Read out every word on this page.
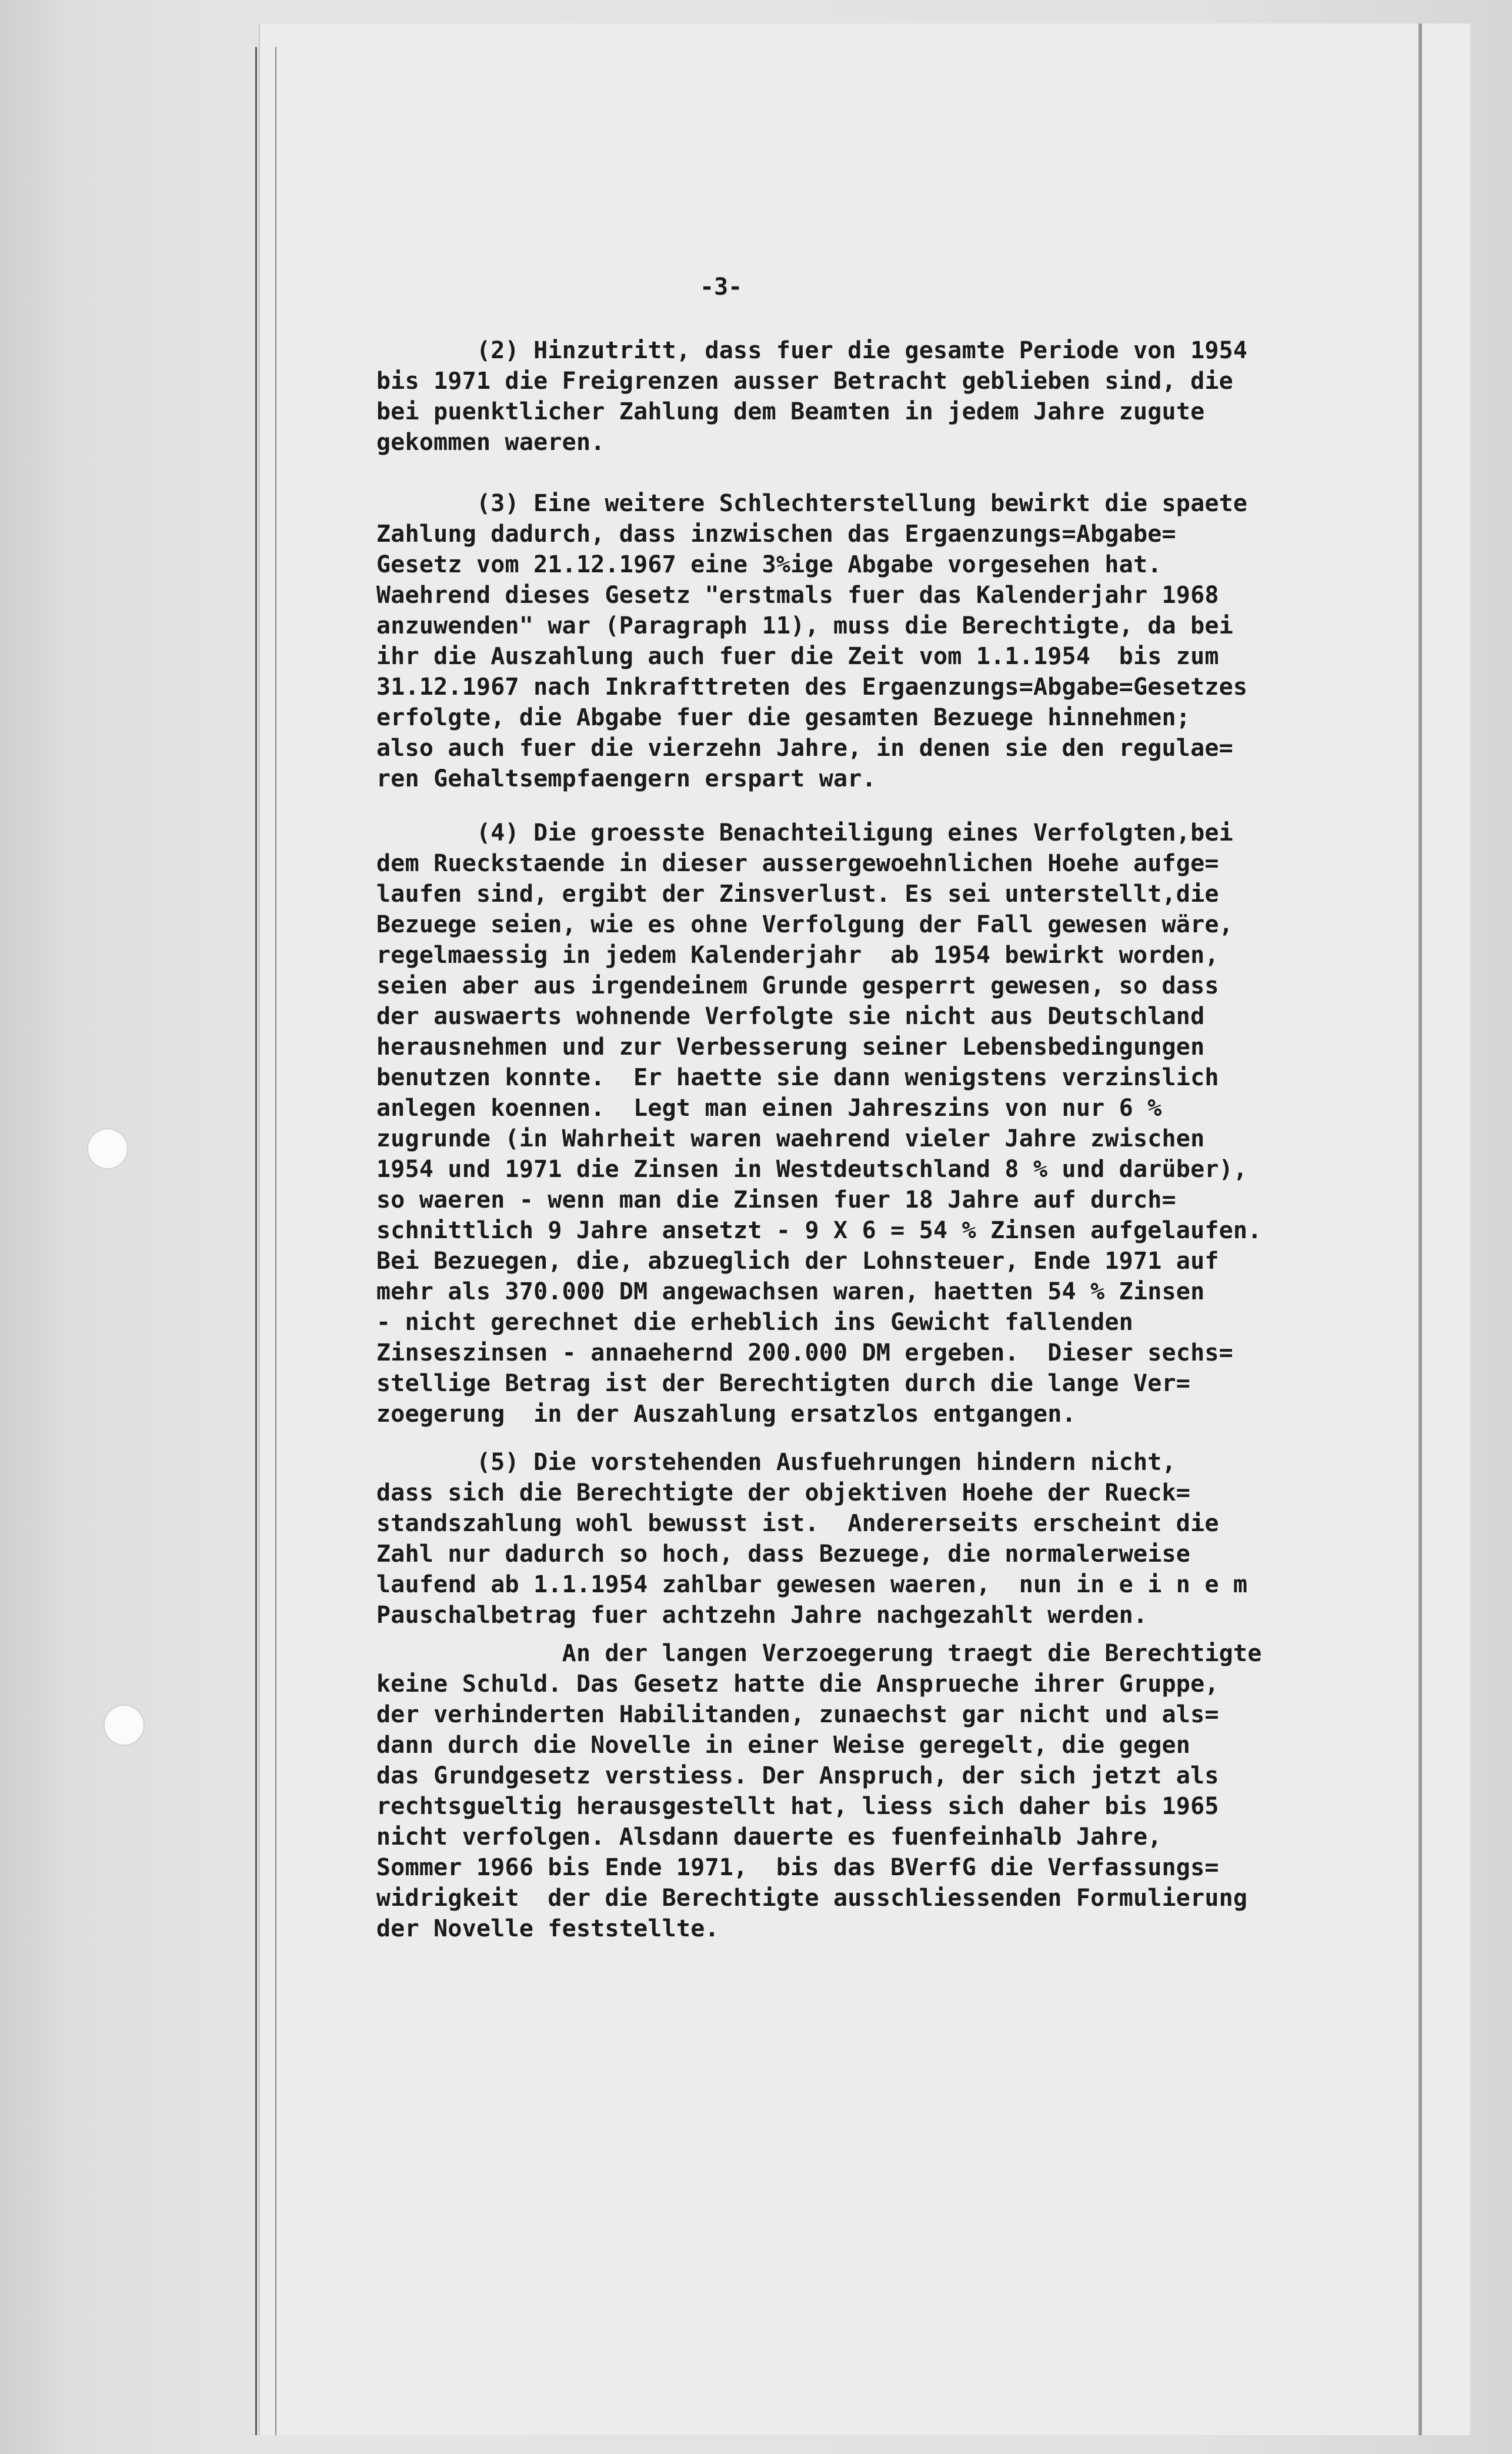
-3-
(2) Hinzutritt, dass fuer die gesamte Periode von 1954
bis 1971 die Freigrenzen ausser Betracht geblieben sind, die
bei puenktlicher Zahlung dem Beamten in jedem Jahre zugute
gekommen waeren.
(3) Eine weitere Schlechterstellung bewirkt die spaete
Zahlung dadurch, dass inzwischen das Ergaenzungs=Abgabe=
Gesetz vom 21.12.1967 eine 3%ige Abgabe vorgesehen hat.
Waehrend dieses Gesetz "erstmals fuer das Kalenderjahr 1968
anzuwenden" war (Paragraph 11), muss die Berechtigte, da bei
ihr die Auszahlung auch fuer die Zeit vom 1.1.1954  bis zum
31.12.1967 nach Inkrafttreten des Ergaenzungs=Abgabe=Gesetzes
erfolgte, die Abgabe fuer die gesamten Bezuege hinnehmen;
also auch fuer die vierzehn Jahre, in denen sie den regulae=
ren Gehaltsempfaengern erspart war.
(4) Die groesste Benachteiligung eines Verfolgten,bei
dem Rueckstaende in dieser aussergewoehnlichen Hoehe aufge=
laufen sind, ergibt der Zinsverlust. Es sei unterstellt,die
Bezuege seien, wie es ohne Verfolgung der Fall gewesen wäre,
regelmaessig in jedem Kalenderjahr  ab 1954 bewirkt worden,
seien aber aus irgendeinem Grunde gesperrt gewesen, so dass
der auswaerts wohnende Verfolgte sie nicht aus Deutschland
herausnehmen und zur Verbesserung seiner Lebensbedingungen
benutzen konnte.  Er haette sie dann wenigstens verzinslich
anlegen koennen.  Legt man einen Jahreszins von nur 6 %
zugrunde (in Wahrheit waren waehrend vieler Jahre zwischen
1954 und 1971 die Zinsen in Westdeutschland 8 % und darüber),
so waeren - wenn man die Zinsen fuer 18 Jahre auf durch=
schnittlich 9 Jahre ansetzt - 9 X 6 = 54 % Zinsen aufgelaufen.
Bei Bezuegen, die, abzueglich der Lohnsteuer, Ende 1971 auf
mehr als 370.000 DM angewachsen waren, haetten 54 % Zinsen
- nicht gerechnet die erheblich ins Gewicht fallenden
Zinseszinsen - annaehernd 200.000 DM ergeben.  Dieser sechs=
stellige Betrag ist der Berechtigten durch die lange Ver=
zoegerung  in der Auszahlung ersatzlos entgangen.
(5) Die vorstehenden Ausfuehrungen hindern nicht,
dass sich die Berechtigte der objektiven Hoehe der Rueck=
standszahlung wohl bewusst ist.  Andererseits erscheint die
Zahl nur dadurch so hoch, dass Bezuege, die normalerweise
laufend ab 1.1.1954 zahlbar gewesen waeren,  nun in e i n e m
Pauschalbetrag fuer achtzehn Jahre nachgezahlt werden.
An der langen Verzoegerung traegt die Berechtigte
keine Schuld. Das Gesetz hatte die Ansprueche ihrer Gruppe,
der verhinderten Habilitanden, zunaechst gar nicht und als=
dann durch die Novelle in einer Weise geregelt, die gegen
das Grundgesetz verstiess. Der Anspruch, der sich jetzt als
rechtsgueltig herausgestellt hat, liess sich daher bis 1965
nicht verfolgen. Alsdann dauerte es fuenfeinhalb Jahre,
Sommer 1966 bis Ende 1971,  bis das BVerfG die Verfassungs=
widrigkeit  der die Berechtigte ausschliessenden Formulierung
der Novelle feststellte.
